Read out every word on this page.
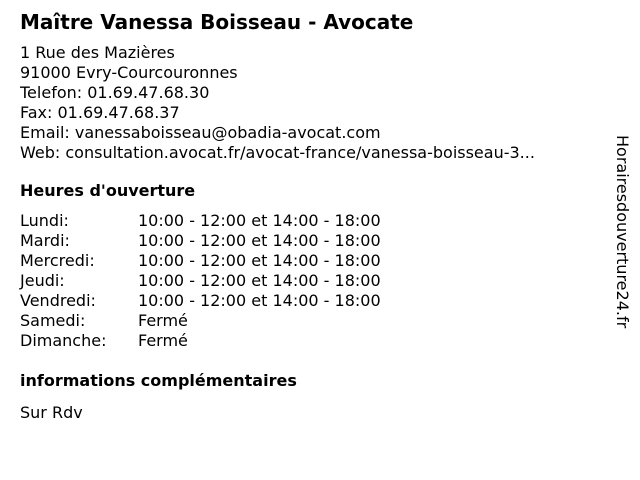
Maître Vanessa Boisseau - Avocate
1 Rue des Mazières
91000 Evry-Courcouronnes
Telefon: 01.69.47.68.30
Fax: 01.69.47.68.37
Email: vanessaboisseau@obadia-avocat.com
Web: consultation.avocat.fr/avocat-france/vanessa-boisseau-3...
Heures d'ouverture
Lundi:	10:00 - 12:00 et 14:00 - 18:00
Mardi:	10:00 - 12:00 et 14:00 - 18:00
Mercredi:	10:00 - 12:00 et 14:00 - 18:00
Jeudi:	10:00 - 12:00 et 14:00 - 18:00
Vendredi:	10:00 - 12:00 et 14:00 - 18:00
Samedi:	Fermé
Dimanche:	Fermé
informations complémentaires
Sur Rdv
Horairesdouverture24.fr
